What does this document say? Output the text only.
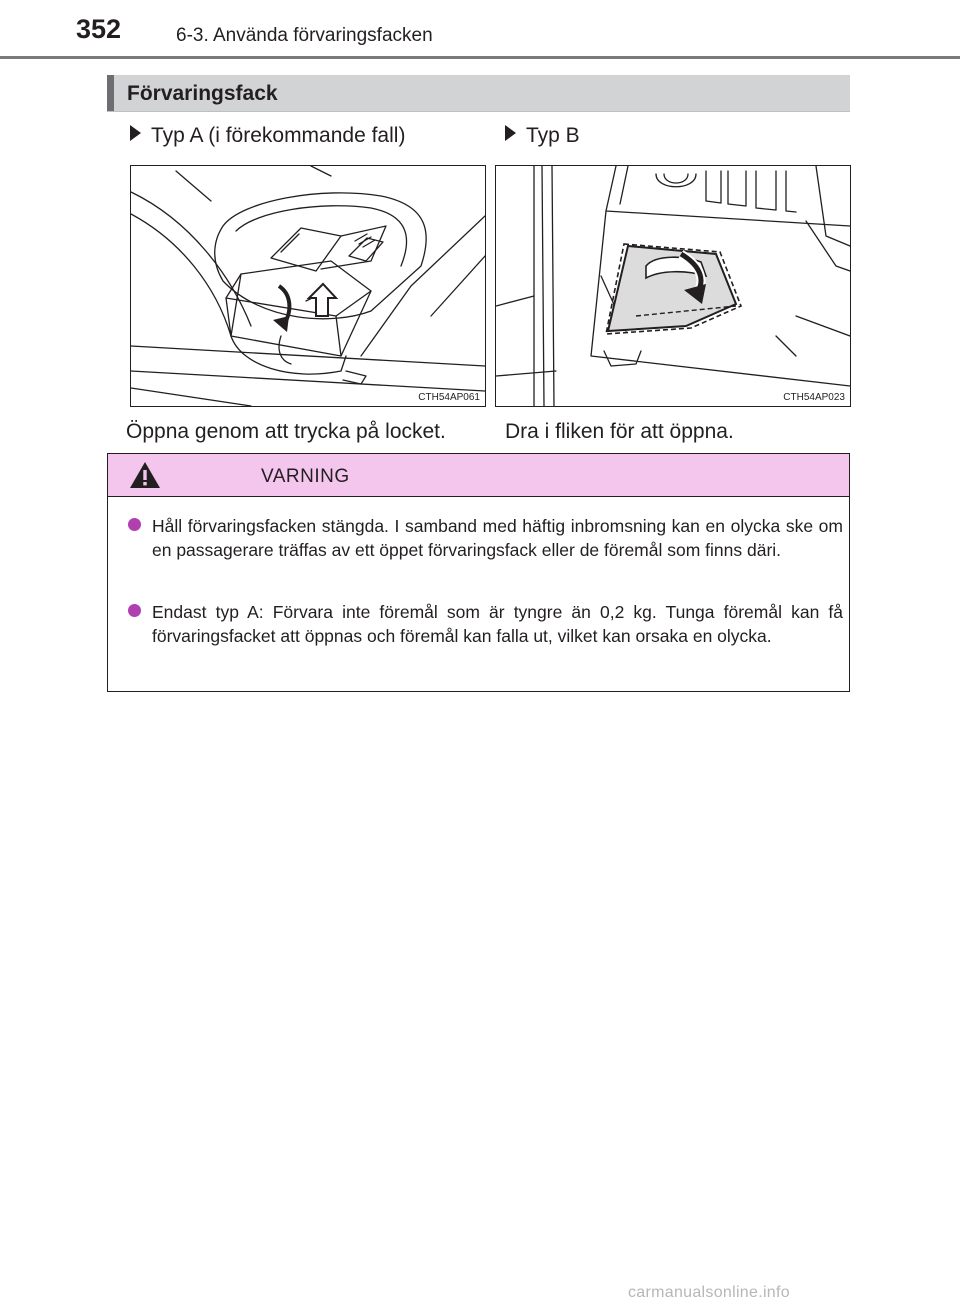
352	6-3. Använda förvaringsfacken
Förvaringsfack
Typ A (i förekommande fall)	Typ B
CTH54AP061	CTH54AP023
Öppna genom att trycka på locket.	Dra i fliken för att öppna.
VARNING
Håll förvaringsfacken stängda. I samband med häftig inbromsning kan en olycka ske om en passagerare träffas av ett öppet förvaringsfack eller de föremål som finns däri.
Endast typ A: Förvara inte föremål som är tyngre än 0,2 kg. Tunga föremål kan få förvaringsfacket att öppnas och föremål kan falla ut, vilket kan orsaka en olycka.
carmanualsonline.info
